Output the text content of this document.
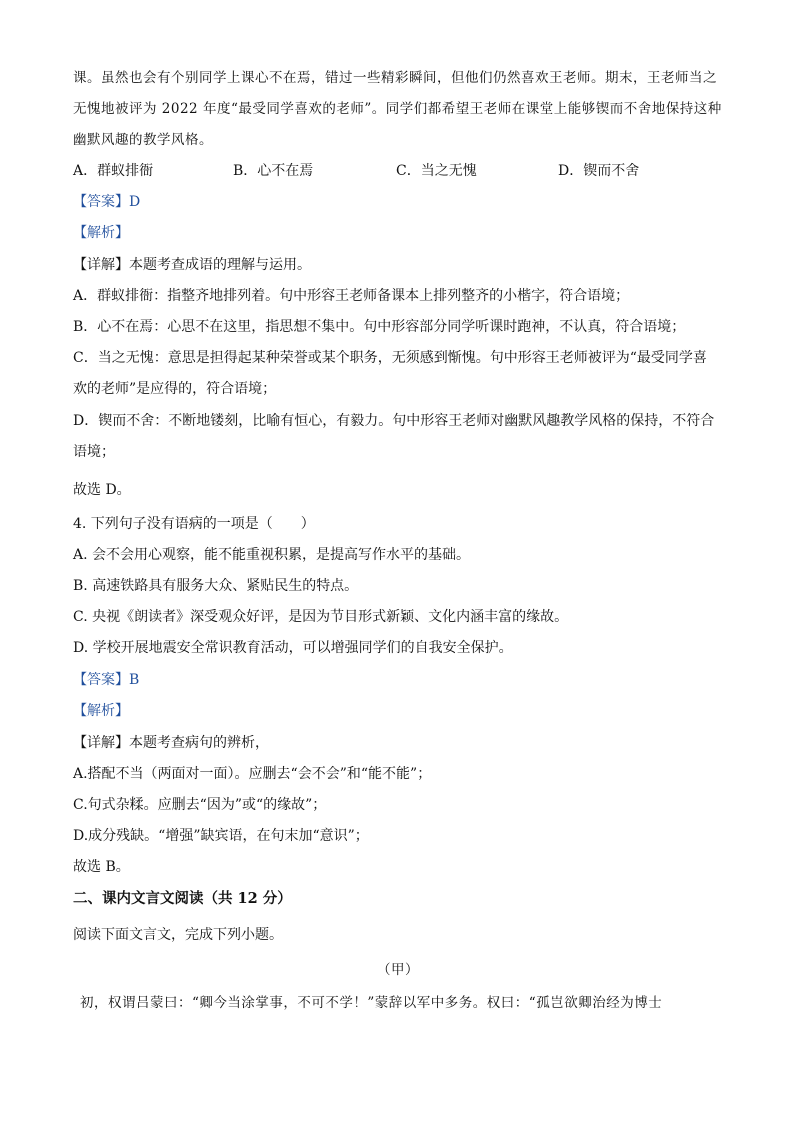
课。虽然也会有个别同学上课心不在焉，错过一些精彩瞬间，但他们仍然喜欢王老师。期末，王老师当之
无愧地被评为 2022 年度“最受同学喜欢的老师”。同学们都希望王老师在课堂上能够锲而不舍地保持这种
幽默风趣的教学风格。
A．群蚁排衙	B．心不在焉	C．当之无愧	D．锲而不舍
【答案】D
【解析】
【详解】本题考查成语的理解与运用。
A．群蚁排衙：指整齐地排列着。句中形容王老师备课本上排列整齐的小楷字，符合语境；
B．心不在焉：心思不在这里，指思想不集中。句中形容部分同学听课时跑神，不认真，符合语境；
C．当之无愧：意思是担得起某种荣誉或某个职务，无须感到惭愧。句中形容王老师被评为“最受同学喜
欢的老师”是应得的，符合语境；
D．锲而不舍：不断地镂刻，比喻有恒心，有毅力。句中形容王老师对幽默风趣教学风格的保持，不符合
语境；
故选 D。
4. 下列句子没有语病的一项是（　　）
A. 会不会用心观察，能不能重视积累，是提高写作水平的基础。
B. 高速铁路具有服务大众、紧贴民生的特点。
C. 央视《朗读者》深受观众好评，是因为节目形式新颖、文化内涵丰富的缘故。
D. 学校开展地震安全常识教育活动，可以增强同学们的自我安全保护。
【答案】B
【解析】
【详解】本题考查病句的辨析，
A.搭配不当（两面对一面）。应删去“会不会”和“能不能”；
C.句式杂糅。应删去“因为”或“的缘故”；
D.成分残缺。“增强”缺宾语，在句末加“意识”；
故选 B。
二、课内文言文阅读（共 12 分）
阅读下面文言文，完成下列小题。
（甲）
初，权谓吕蒙曰：“卿今当涂掌事，不可不学！”蒙辞以军中多务。权曰：“孤岂欲卿治经为博士
